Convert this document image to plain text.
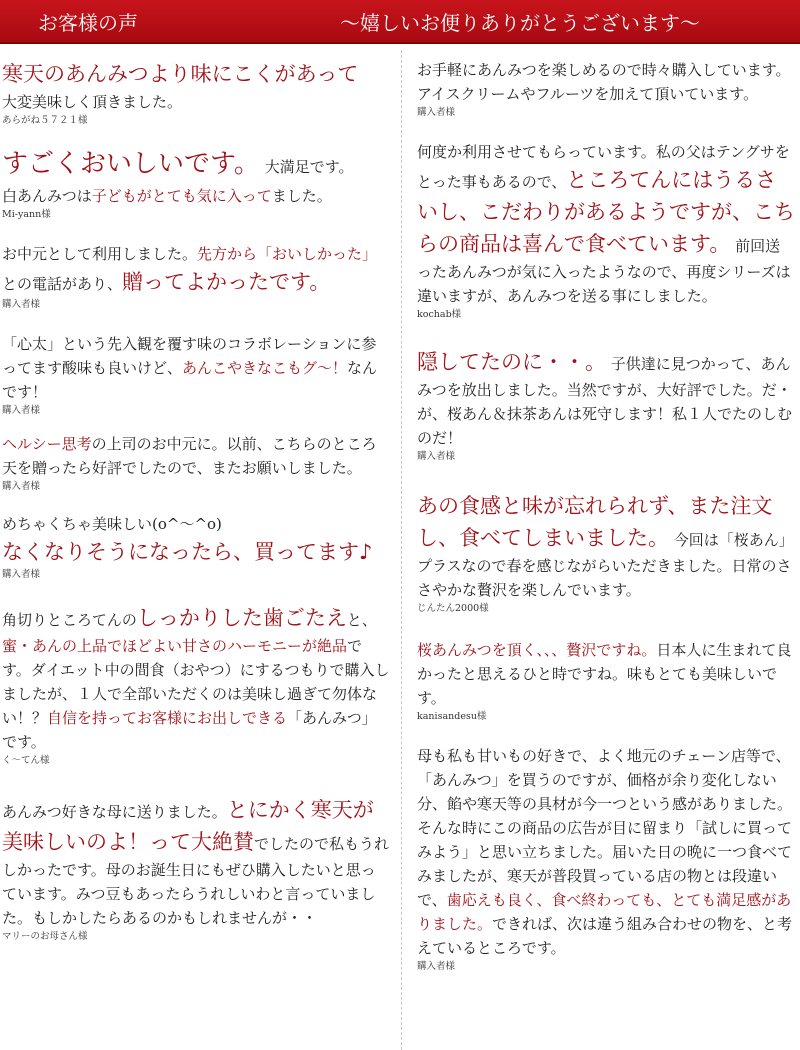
お客様の声	～嬉しいお便りありがとうございます～

寒天のあんみつより味にこくがあって

大変美味しく頂きました。

あらがね５７２１様

すごくおいしいです。 大満足です。

白あんみつは子どもがとても気に入ってました。

Mi-yann様

お中元として利用しました。先方から「おいしかった」との電話があり、贈ってよかったです。

購入者様

「心太」という先入観を覆す味のコラボレーションに参ってます酸味も良いけど、あんこやきなこもグ～！なんです！

購入者様

ヘルシー思考の上司のお中元に。以前、こちらのところ天を贈ったら好評でしたので、またお願いしました。

購入者様

めちゃくちゃ美味しい(o^～^o)

なくなりそうになったら、買ってます♪

購入者様

角切りところてんのしっかりした歯ごたえと、蜜・あんの上品でほどよい甘さのハーモニーが絶品です。ダイエット中の間食（おやつ）にするつもりで購入しましたが、１人で全部いただくのは美味し過ぎて勿体ない！？自信を持ってお客様にお出しできる「あんみつ」です。

く～てん様

あんみつ好きな母に送りました。とにかく寒天が美味しいのよ！って大絶賛でしたので私もうれしかったです。母のお誕生日にもぜひ購入したいと思っています。みつ豆もあったらうれしいわと言っていました。もしかしたらあるのかもしれませんが・・

マリーのお母さん様

お手軽にあんみつを楽しめるので時々購入しています。アイスクリームやフルーツを加えて頂いています。

購入者様

何度か利用させてもらっています。私の父はテングサをとった事もあるので、ところてんにはうるさいし、こだわりがあるようですが、こちらの商品は喜んで食べています。 前回送ったあんみつが気に入ったようなので、再度シリーズは違いますが、あんみつを送る事にしました。

kochab様

隠してたのに・・。 子供達に見つかって、あんみつを放出しました。当然ですが、大好評でした。だ・が、桜あん＆抹茶あんは死守します！私１人でたのしむのだ！

購入者様

あの食感と味が忘れられず、また注文し、食べてしまいました。 今回は「桜あん」プラスなので春を感じながらいただきました。日常のささやかな贅沢を楽しんでいます。

じんたん2000様

桜あんみつを頂く、、、贅沢ですね。日本人に生まれて良かったと思えるひと時ですね。味もとても美味しいです。

kanisandesu様

母も私も甘いもの好きで、よく地元のチェーン店等で、「あんみつ」を買うのですが、価格が余り変化しない分、餡や寒天等の具材が今一つという感がありました。そんな時にこの商品の広告が目に留まり「試しに買ってみよう」と思い立ちました。届いた日の晩に一つ食べてみましたが、寒天が普段買っている店の物とは段違いで、歯応えも良く、食べ終わっても、とても満足感がありました。できれば、次は違う組み合わせの物を、と考えているところです。

購入者様
